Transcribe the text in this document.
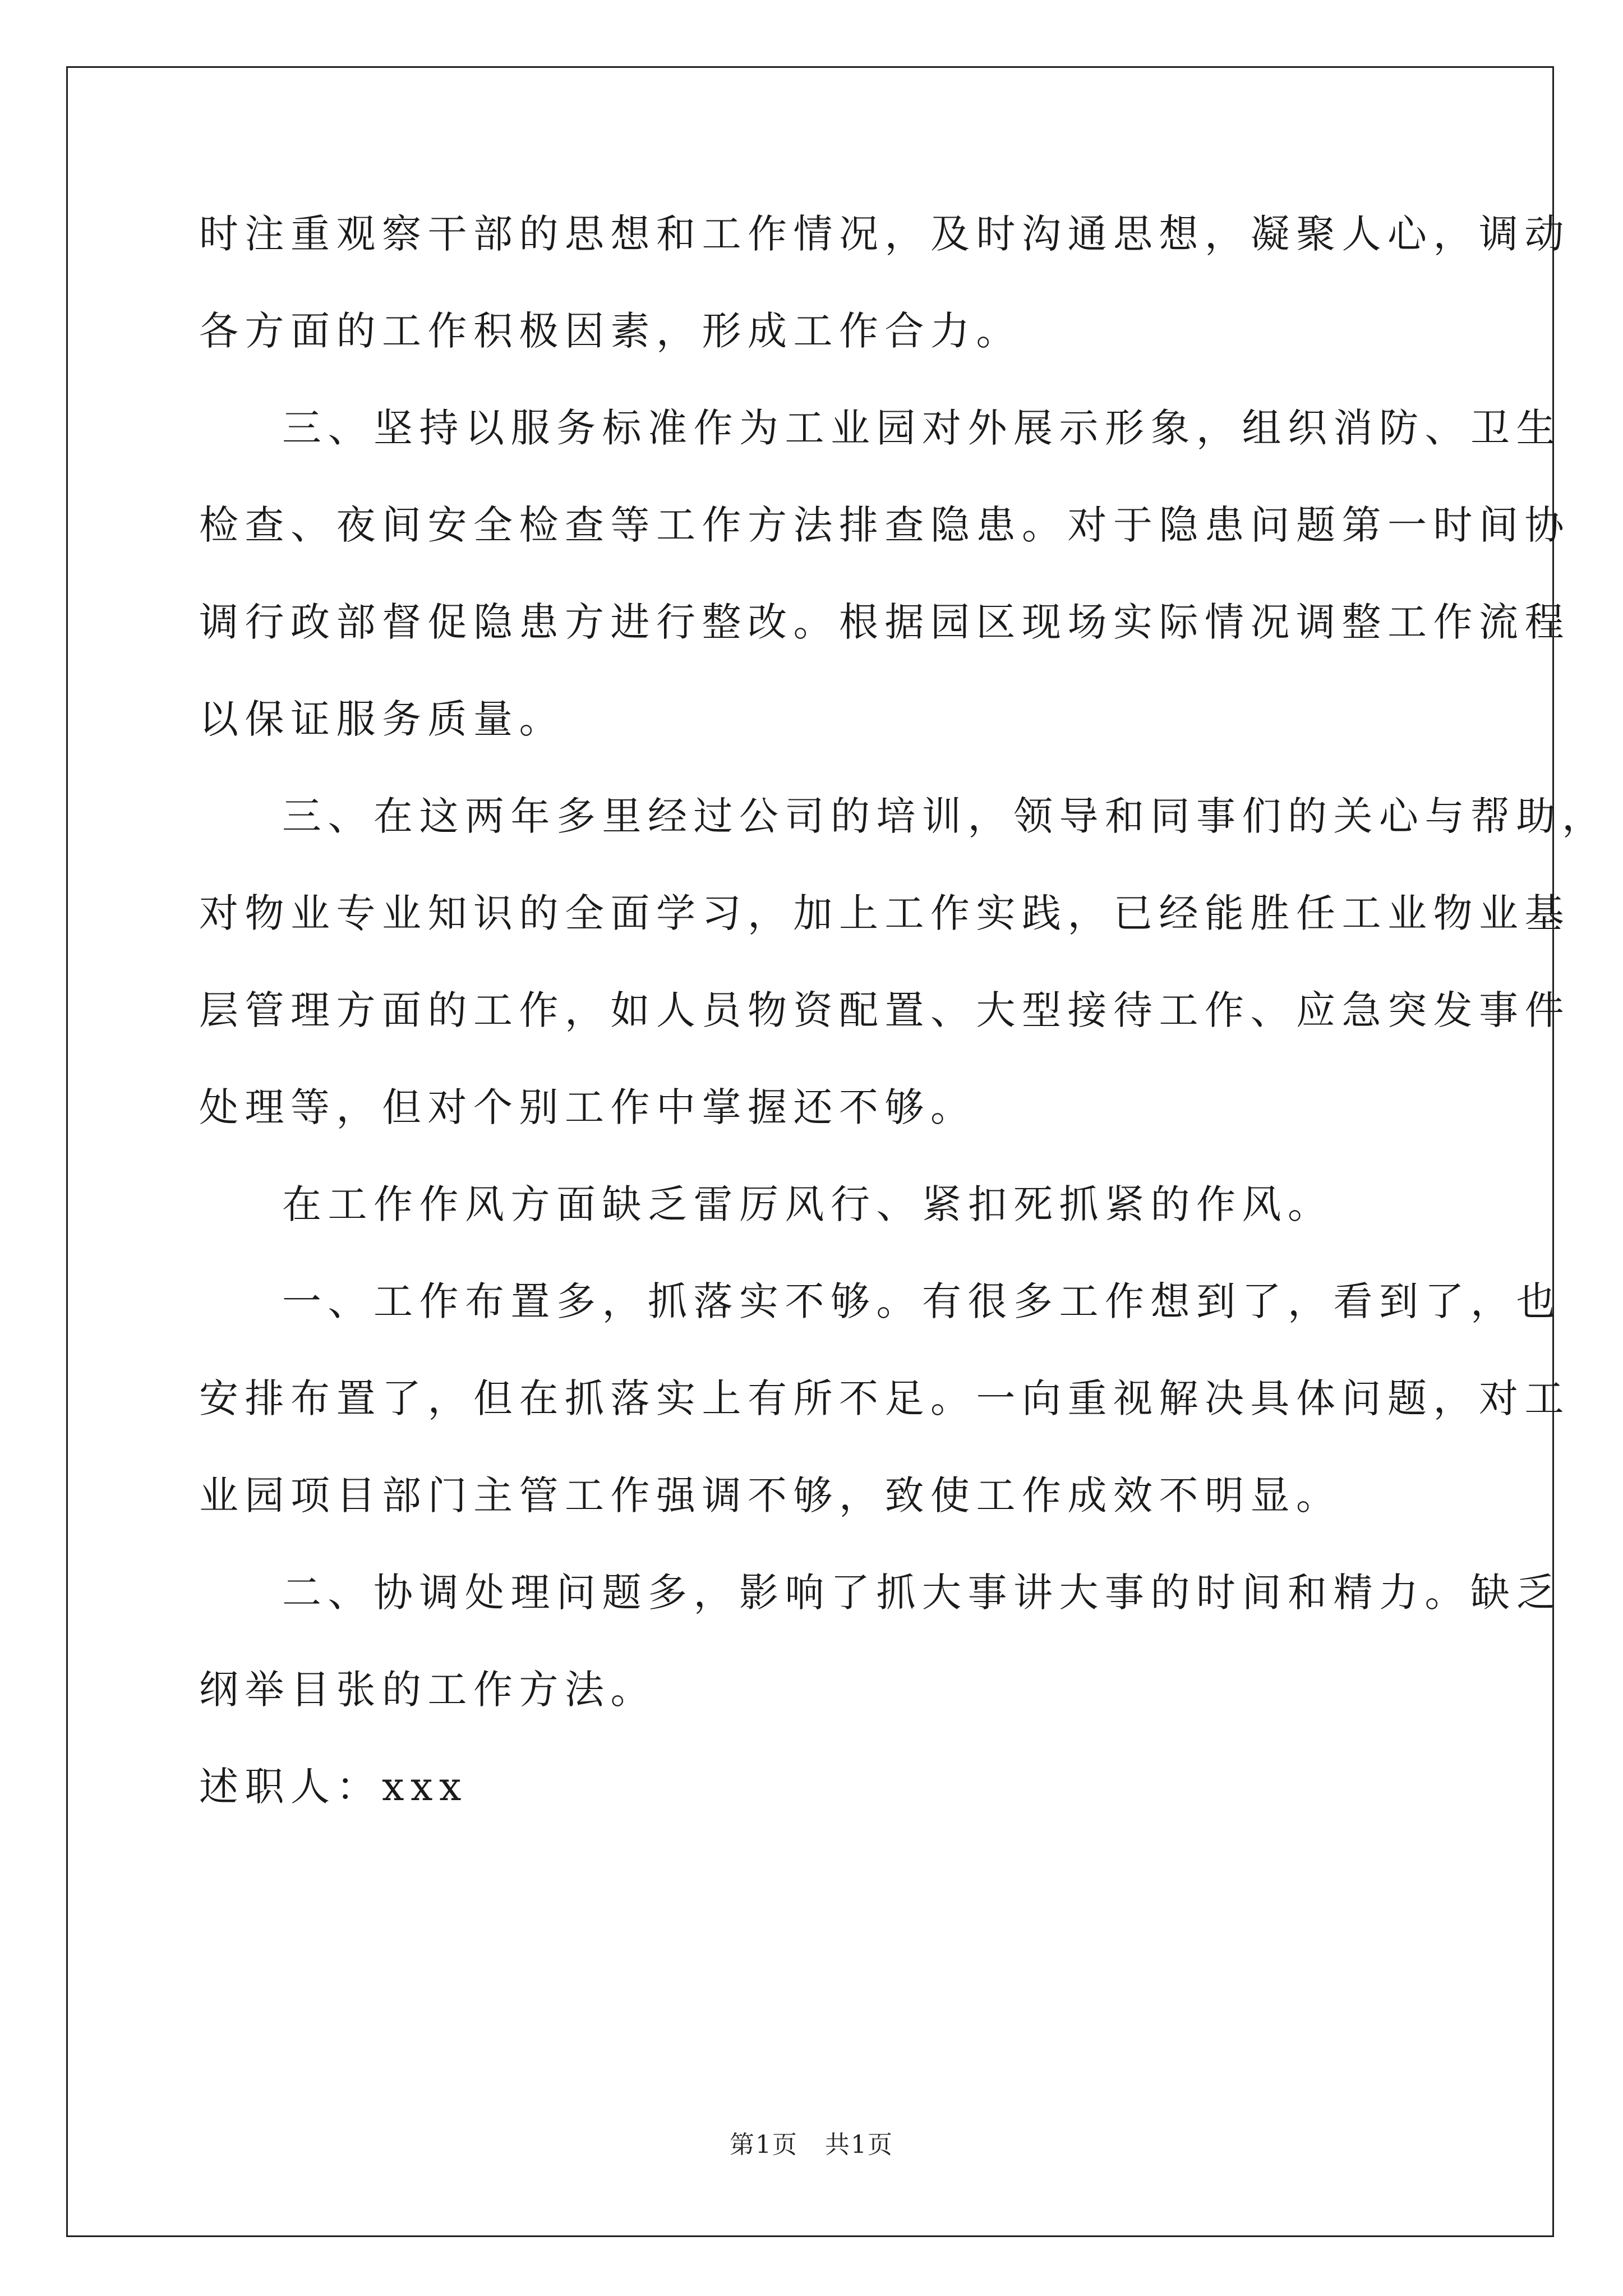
时注重观察干部的思想和工作情况，及时沟通思想，凝聚人心，调动
各方面的工作积极因素，形成工作合力。
三、坚持以服务标准作为工业园对外展示形象，组织消防、卫生
检查、夜间安全检查等工作方法排查隐患。对于隐患问题第一时间协
调行政部督促隐患方进行整改。根据园区现场实际情况调整工作流程
以保证服务质量。
三、在这两年多里经过公司的培训，领导和同事们的关心与帮助，
对物业专业知识的全面学习，加上工作实践，已经能胜任工业物业基
层管理方面的工作，如人员物资配置、大型接待工作、应急突发事件
处理等，但对个别工作中掌握还不够。
在工作作风方面缺乏雷厉风行、紧扣死抓紧的作风。
一、工作布置多，抓落实不够。有很多工作想到了，看到了，也
安排布置了，但在抓落实上有所不足。一向重视解决具体问题，对工
业园项目部门主管工作强调不够，致使工作成效不明显。
二、协调处理问题多，影响了抓大事讲大事的时间和精力。缺乏
纲举目张的工作方法。
述职人：xxx
第1页 共1页
